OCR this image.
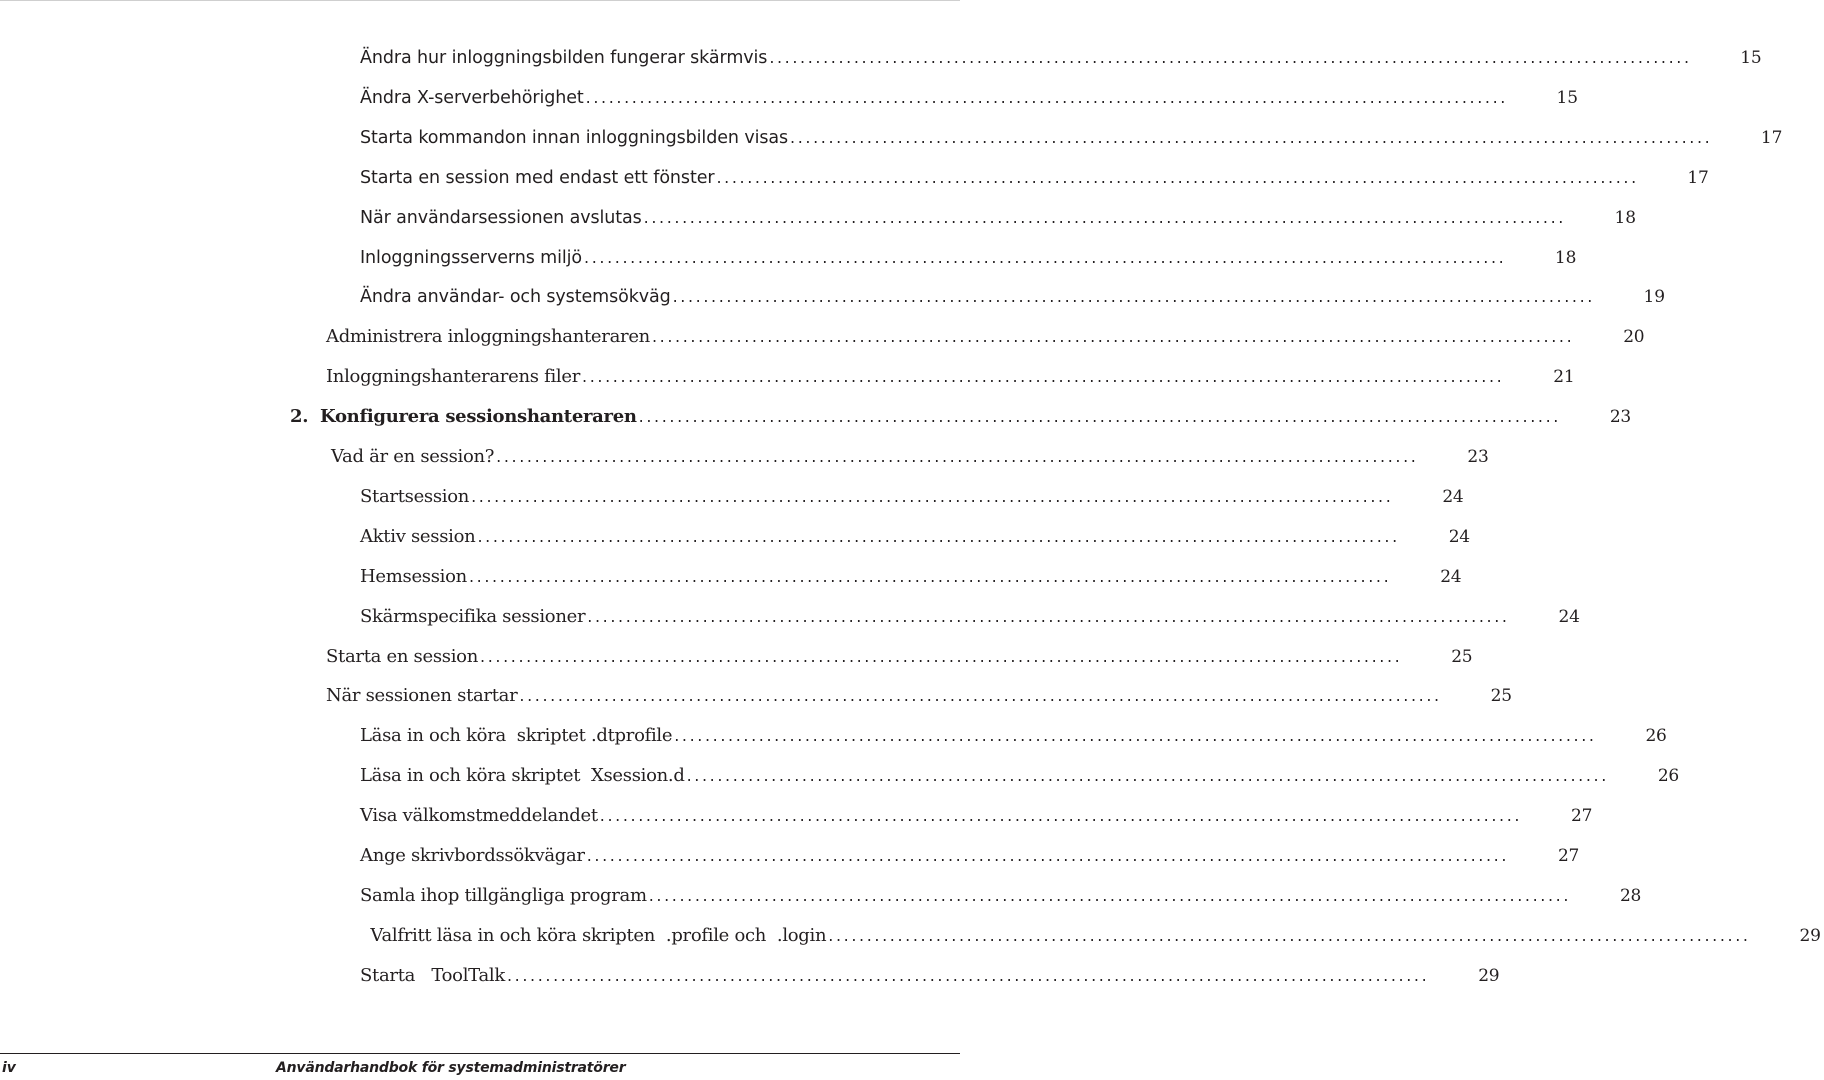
Ändra hur inloggningsbilden fungerar skärmvis ........................................................................................................................	15
Ändra X-serverbehörighet ........................................................................................................................	15
Starta kommandon innan inloggningsbilden visas ........................................................................................................................	17
Starta en session med endast ett fönster ........................................................................................................................	17
När användarsessionen avslutas ........................................................................................................................	18
Inloggningsserverns miljö ........................................................................................................................	18
Ändra användar- och systemsökväg ........................................................................................................................	19
Administrera inloggningshanteraren ........................................................................................................................	20
Inloggningshanterarens filer ........................................................................................................................	21
2. Konfigurera sessionshanteraren ........................................................................................................................	23
Vad är en session? ........................................................................................................................	23
Startsession ........................................................................................................................	24
Aktiv session ........................................................................................................................	24
Hemsession ........................................................................................................................	24
Skärmspecifika sessioner ........................................................................................................................	24
Starta en session ........................................................................................................................	25
När sessionen startar ........................................................................................................................	25
Läsa in och köra  skriptet .dtprofile ........................................................................................................................	26
Läsa in och köra skriptet  Xsession.d ........................................................................................................................	26
Visa välkomstmeddelandet ........................................................................................................................	27
Ange skrivbordssökvägar ........................................................................................................................	27
Samla ihop tillgängliga program ........................................................................................................................	28
Valfritt läsa in och köra skripten  .profile och  .login ........................................................................................................................	29
Starta   ToolTalk ........................................................................................................................	29
iv	Användarhandbok för systemadministratörer
